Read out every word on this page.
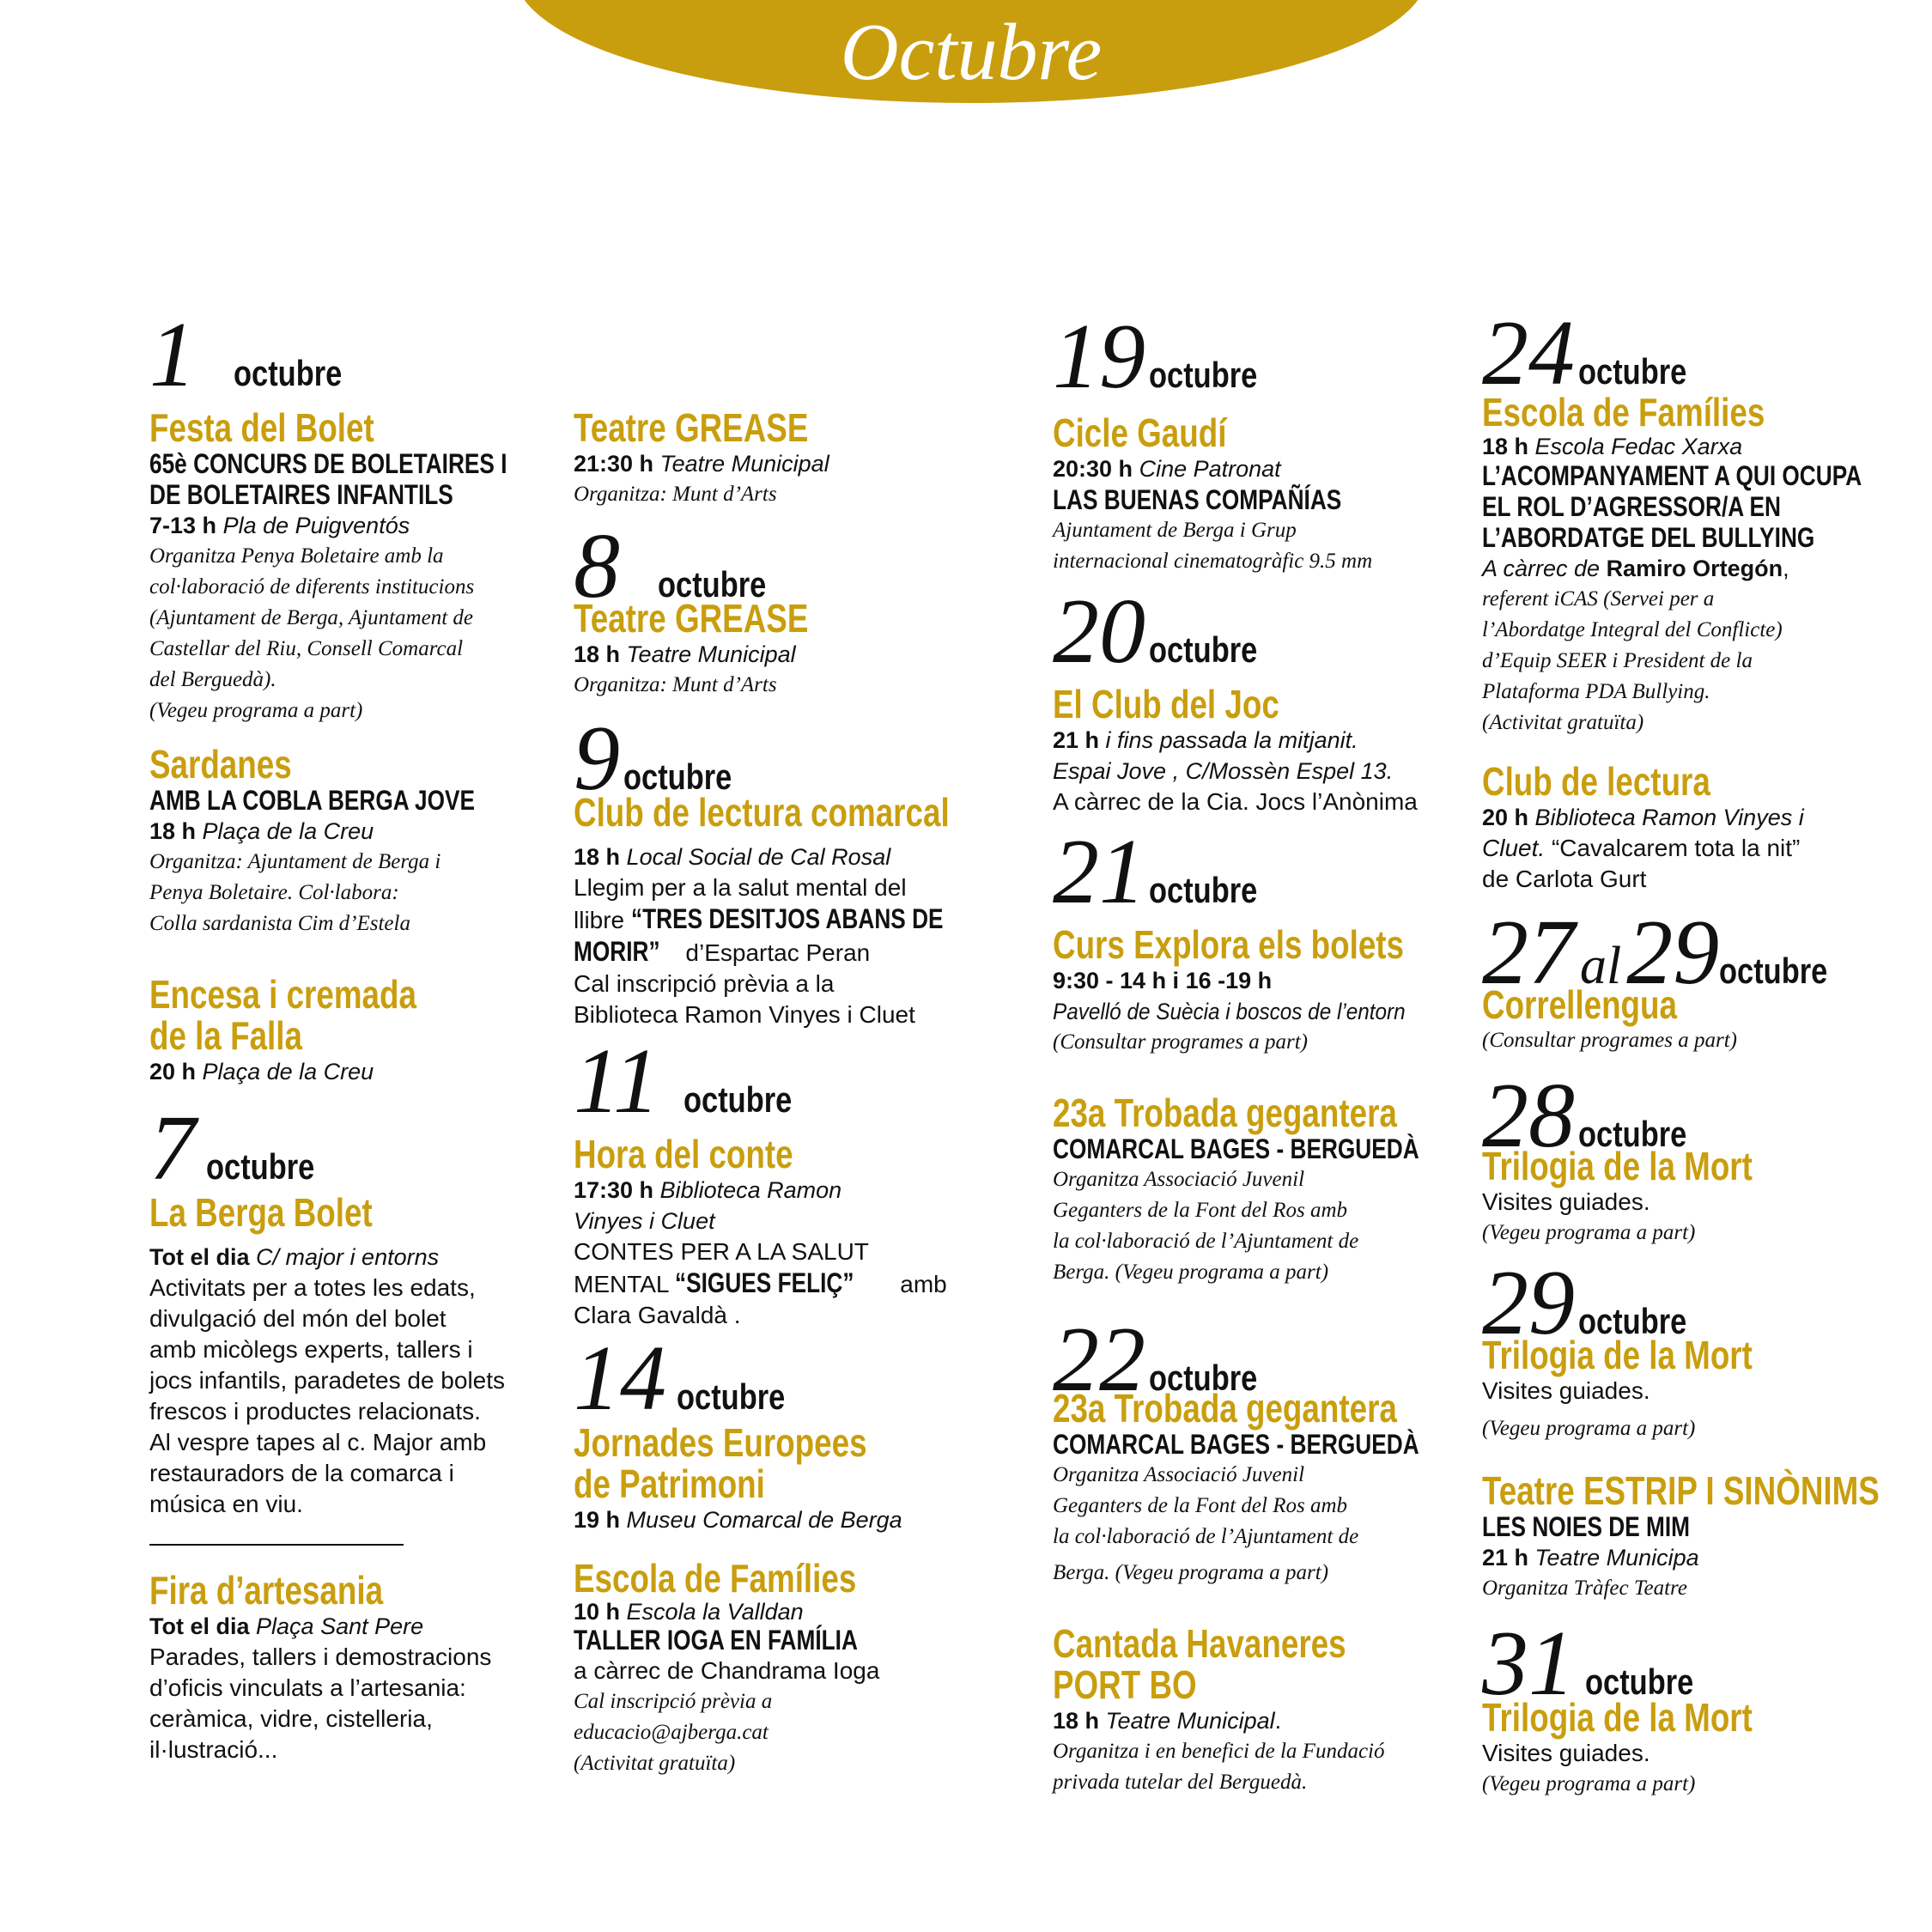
Octubre
1 octubre
Festa del Bolet
65è CONCURS DE BOLETAIRES I
DE BOLETAIRES INFANTILS
7-13 h Pla de Puigventós
Organitza Penya Boletaire amb la
col·laboració de diferents institucions
(Ajuntament de Berga, Ajuntament de
Castellar del Riu, Consell Comarcal
del Berguedà).
(Vegeu programa a part)
Sardanes
AMB LA COBLA BERGA JOVE
18 h Plaça de la Creu
Organitza: Ajuntament de Berga i
Penya Boletaire. Col·labora:
Colla sardanista Cim d’Estela
Encesa i cremada
de la Falla
20 h Plaça de la Creu
7 octubre
La Berga Bolet
Tot el dia C/ major i entorns
Activitats per a totes les edats,
divulgació del món del bolet
amb micòlegs experts, tallers i
jocs infantils, paradetes de bolets
frescos i productes relacionats.
Al vespre tapes al c. Major amb
restauradors de la comarca i
música en viu.
Fira d’artesania
Tot el dia Plaça Sant Pere
Parades, tallers i demostracions
d’oficis vinculats a l’artesania:
ceràmica, vidre, cistelleria,
il·lustració...
Teatre GREASE
21:30 h Teatre Municipal
Organitza: Munt d’Arts
8 octubre
Teatre GREASE
18 h Teatre Municipal
Organitza: Munt d’Arts
9 octubre
Club de lectura comarcal
18 h Local Social de Cal Rosal
Llegim per a la salut mental del
llibre “TRES DESITJOS ABANS DE
MORIR” d’Espartac Peran
Cal inscripció prèvia a la
Biblioteca Ramon Vinyes i Cluet
11 octubre
Hora del conte
17:30 h Biblioteca Ramon
Vinyes i Cluet
CONTES PER A LA SALUT
MENTAL “SIGUES FELIÇ” amb
Clara Gavaldà .
14 octubre
Jornades Europees
de Patrimoni
19 h Museu Comarcal de Berga
Escola de Famílies
10 h Escola la Valldan
TALLER IOGA EN FAMÍLIA
a càrrec de Chandrama Ioga
Cal inscripció prèvia a
educacio@ajberga.cat
(Activitat gratuïta)
19 octubre
Cicle Gaudí
20:30 h Cine Patronat
LAS BUENAS COMPAÑÍAS
Ajuntament de Berga i Grup
internacional cinematogràfic 9.5 mm
20 octubre
El Club del Joc
21 h i fins passada la mitjanit.
Espai Jove , C/Mossèn Espel 13.
A càrrec de la Cia. Jocs l’Anònima
21 octubre
Curs Explora els bolets
9:30 - 14 h i 16 -19 h
Pavelló de Suècia i boscos de l’entorn
(Consultar programes a part)
23a Trobada gegantera
COMARCAL BAGES - BERGUEDÀ
Organitza Associació Juvenil
Geganters de la Font del Ros amb
la col·laboració de l’Ajuntament de
Berga. (Vegeu programa a part)
22 octubre
23a Trobada gegantera
COMARCAL BAGES - BERGUEDÀ
Organitza Associació Juvenil
Geganters de la Font del Ros amb
la col·laboració de l’Ajuntament de
Berga. (Vegeu programa a part)
Cantada Havaneres
PORT BO
18 h Teatre Municipal.
Organitza i en benefici de la Fundació
privada tutelar del Berguedà.
24 octubre
Escola de Famílies
18 h Escola Fedac Xarxa
L’ACOMPANYAMENT A QUI OCUPA
EL ROL D’AGRESSOR/A EN
L’ABORDATGE DEL BULLYING
A càrrec de Ramiro Ortegón,
referent iCAS (Servei per a
l’Abordatge Integral del Conflicte)
d’Equip SEER i President de la
Plataforma PDA Bullying.
(Activitat gratuïta)
Club de lectura
20 h Biblioteca Ramon Vinyes i
Cluet. “Cavalcarem tota la nit”
de Carlota Gurt
27al29octubre
Correllengua
(Consultar programes a part)
28 octubre
Trilogia de la Mort
Visites guiades.
(Vegeu programa a part)
29 octubre
Trilogia de la Mort
Visites guiades.
(Vegeu programa a part)
Teatre ESTRIP I SINÒNIMS
LES NOIES DE MIM
21 h Teatre Municipa
Organitza Tràfec Teatre
31 octubre
Trilogia de la Mort
Visites guiades.
(Vegeu programa a part)
